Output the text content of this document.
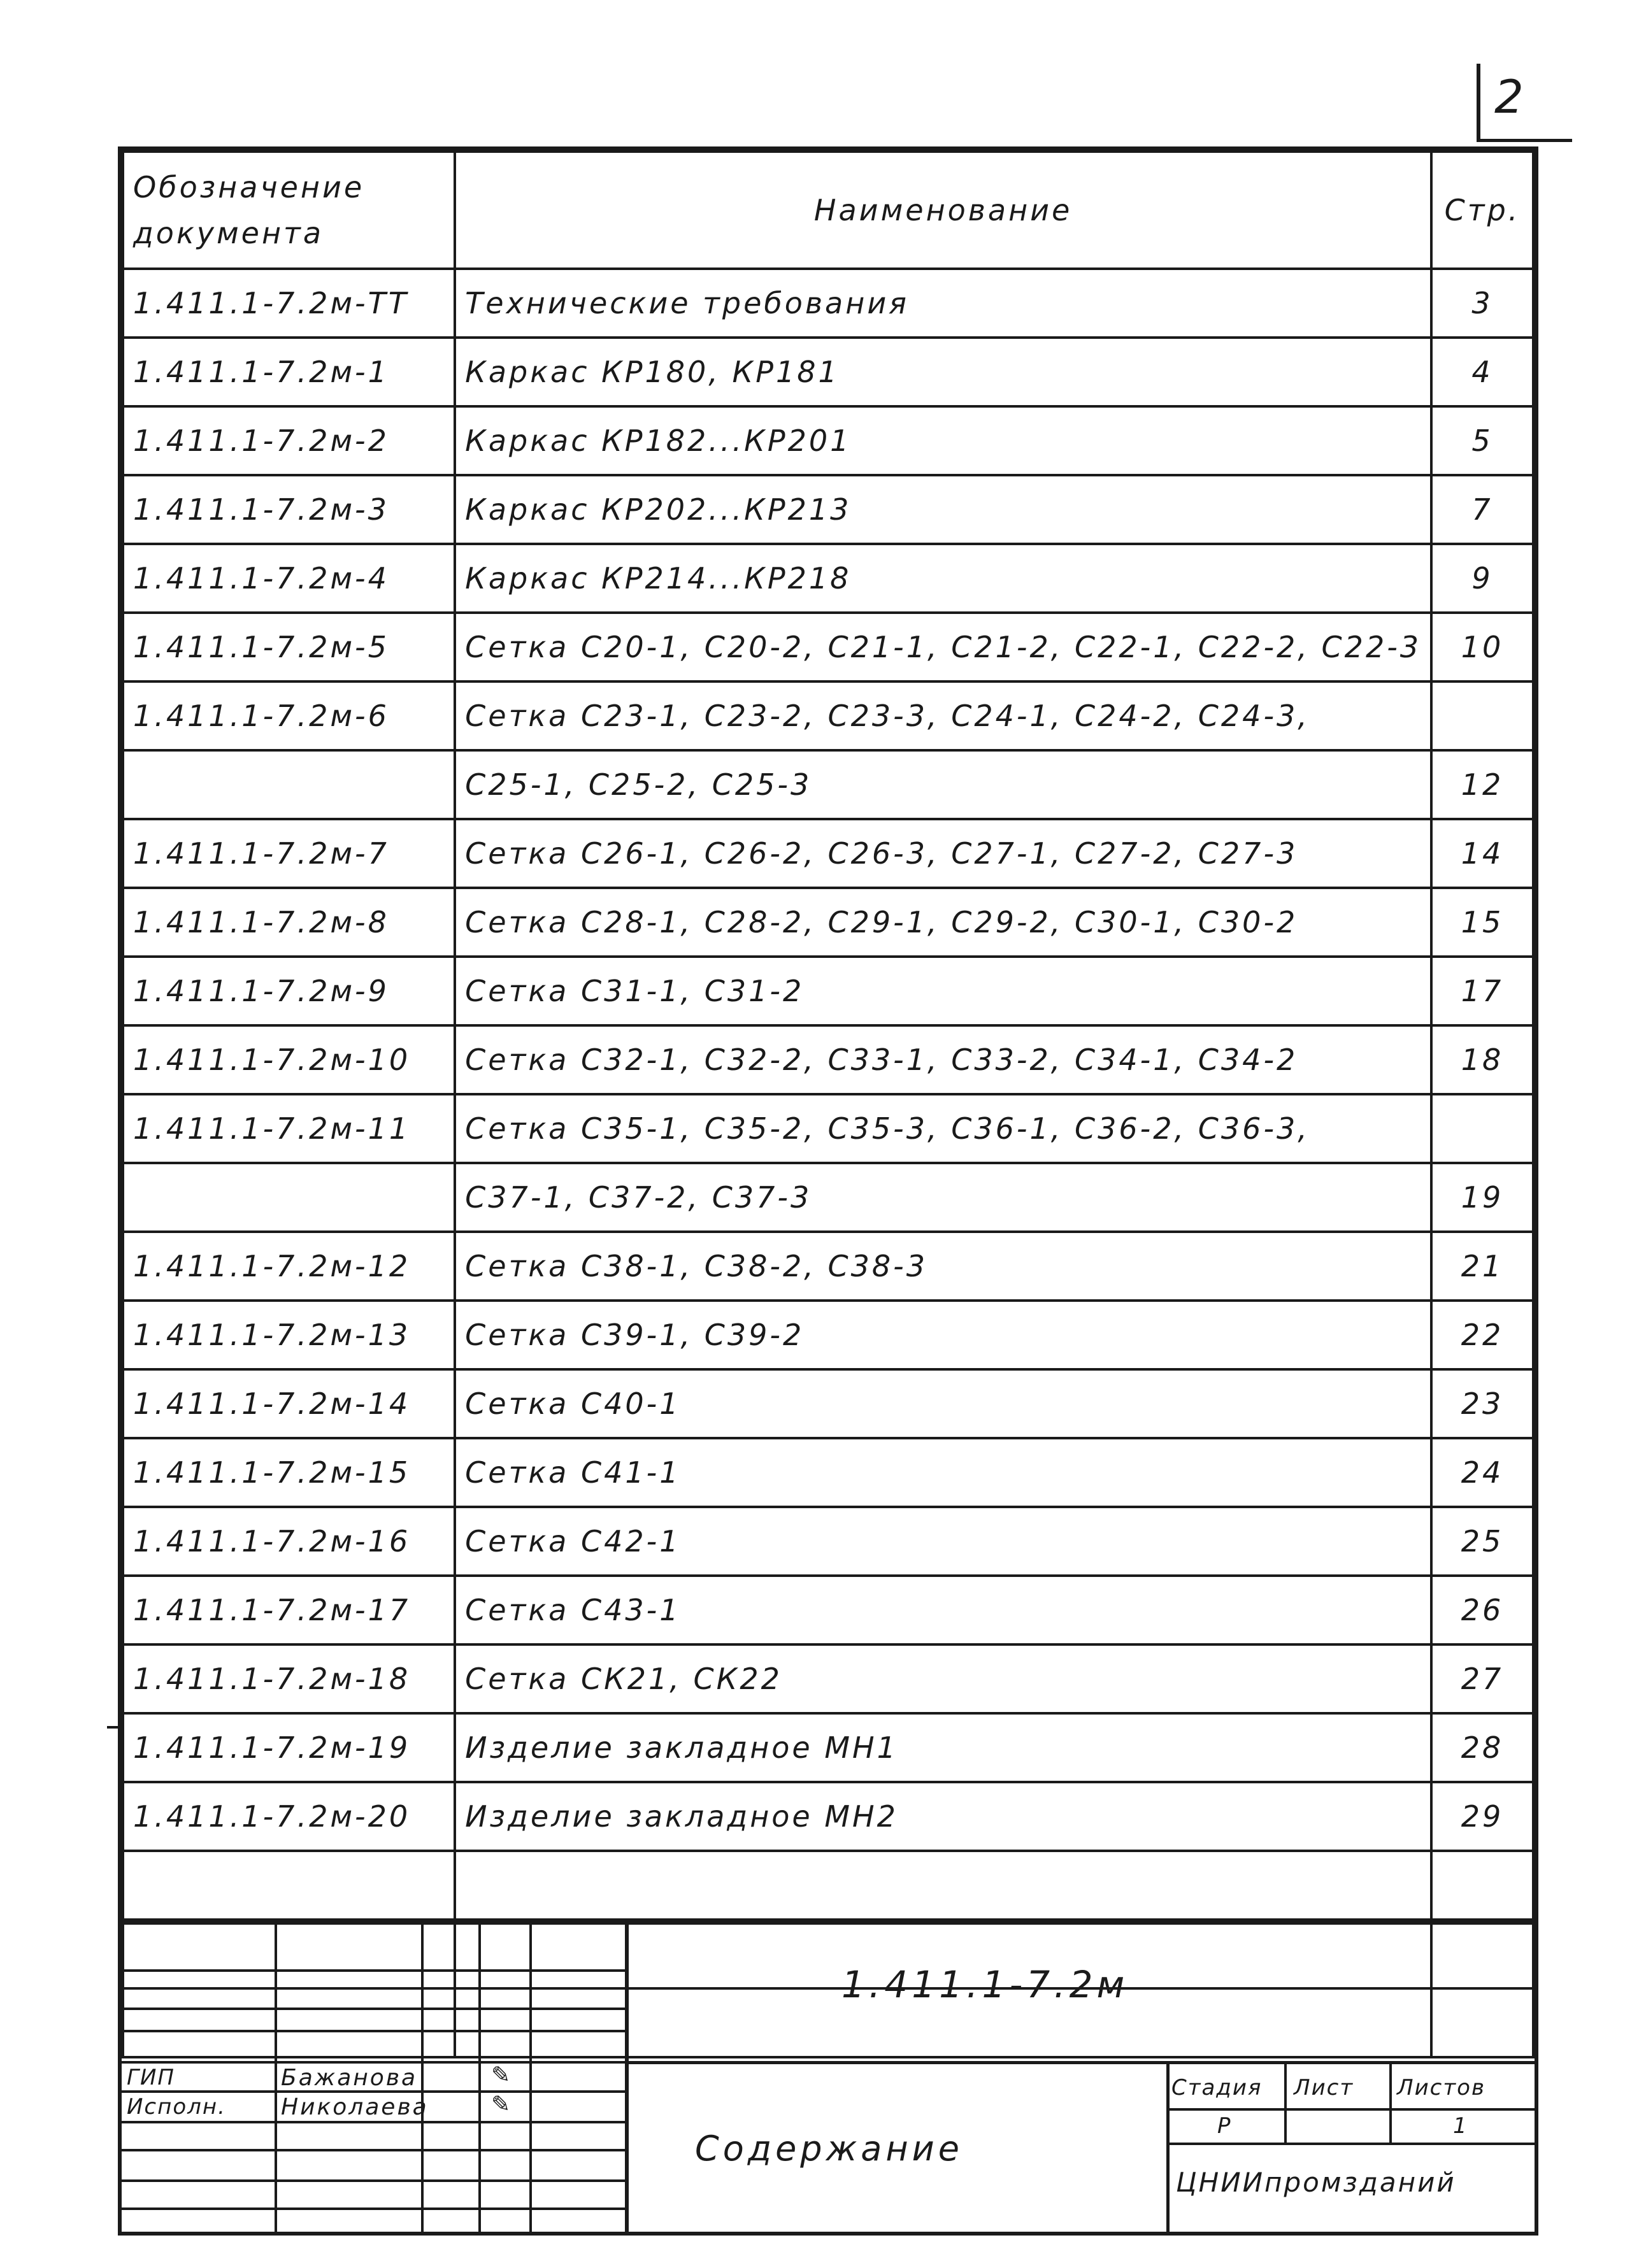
2
Обозначение
документа	Наименование	Стр.
1.411.1-7.2м-ТТ	Технические требования	3
1.411.1-7.2м-1	Каркас КР180, КР181	4
1.411.1-7.2м-2	Каркас КР182...КР201	5
1.411.1-7.2м-3	Каркас КР202...КР213	7
1.411.1-7.2м-4	Каркас КР214...КР218	9
1.411.1-7.2м-5	Сетка С20-1, С20-2, С21-1, С21-2, С22-1, С22-2, С22-3	10
1.411.1-7.2м-6	Сетка С23-1, С23-2, С23-3, С24-1, С24-2, С24-3,	
	С25-1, С25-2, С25-3	12
1.411.1-7.2м-7	Сетка С26-1, С26-2, С26-3, С27-1, С27-2, С27-3	14
1.411.1-7.2м-8	Сетка С28-1, С28-2, С29-1, С29-2, С30-1, С30-2	15
1.411.1-7.2м-9	Сетка С31-1, С31-2	17
1.411.1-7.2м-10	Сетка С32-1, С32-2, С33-1, С33-2, С34-1, С34-2	18
1.411.1-7.2м-11	Сетка С35-1, С35-2, С35-3, С36-1, С36-2, С36-3,	
	С37-1, С37-2, С37-3	19
1.411.1-7.2м-12	Сетка С38-1, С38-2, С38-3	21
1.411.1-7.2м-13	Сетка С39-1, С39-2	22
1.411.1-7.2м-14	Сетка С40-1	23
1.411.1-7.2м-15	Сетка С41-1	24
1.411.1-7.2м-16	Сетка С42-1	25
1.411.1-7.2м-17	Сетка С43-1	26
1.411.1-7.2м-18	Сетка СК21, СК22	27
1.411.1-7.2м-19	Изделие закладное МН1	28
1.411.1-7.2м-20	Изделие закладное МН2	29

ГИП	Бажанова	✎
Испoлн. Николаева	✎
1.411.1-7.2м
Содержание
Стадия Лист Листов
Р	1
ЦНИИпромзданий
